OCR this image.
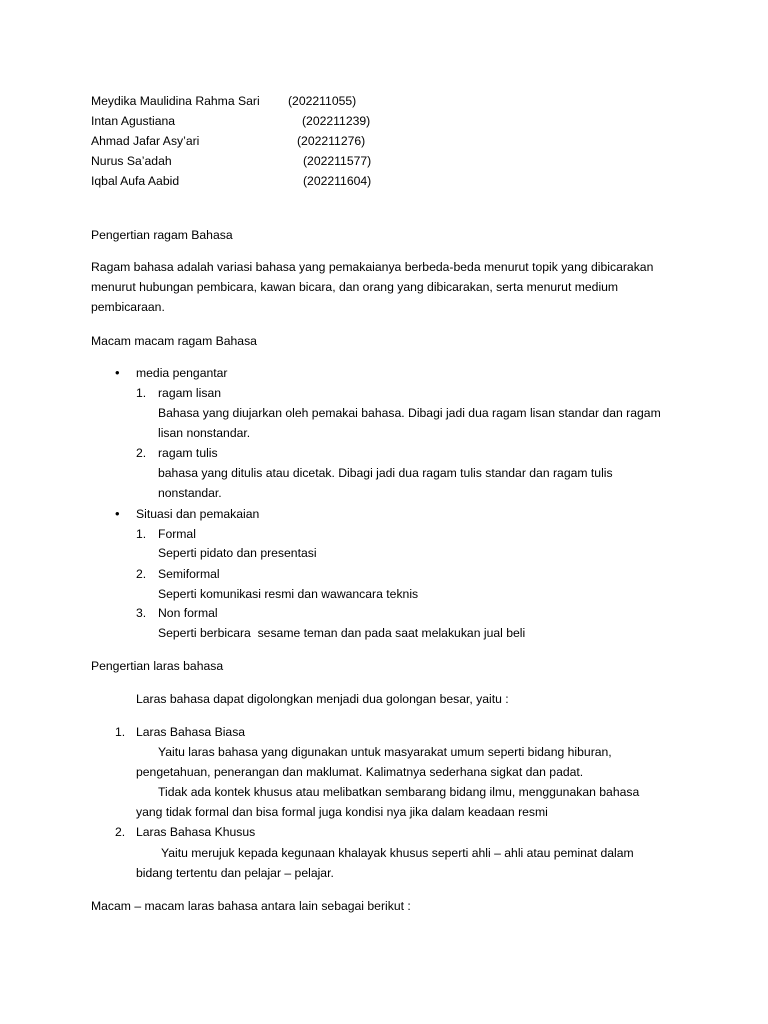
Meydika Maulidina Rahma Sari (202211055)
Intan Agustiana	(202211239)
Ahmad Jafar Asy’ari	(202211276)
Nurus Sa’adah	(202211577)
Iqbal Aufa Aabid	(202211604)
Pengertian ragam Bahasa
Ragam bahasa adalah variasi bahasa yang pemakaianya berbeda-beda menurut topik yang dibicarakan
menurut hubungan pembicara, kawan bicara, dan orang yang dibicarakan, serta menurut medium
pembicaraan.
Macam macam ragam Bahasa
• media pengantar
1. ragam lisan
Bahasa yang diujarkan oleh pemakai bahasa. Dibagi jadi dua ragam lisan standar dan ragam
lisan nonstandar.
2. ragam tulis
bahasa yang ditulis atau dicetak. Dibagi jadi dua ragam tulis standar dan ragam tulis
nonstandar.
• Situasi dan pemakaian
1. Formal
Seperti pidato dan presentasi
2. Semiformal
Seperti komunikasi resmi dan wawancara teknis
3. Non formal
Seperti berbicara  sesame teman dan pada saat melakukan jual beli
Pengertian laras bahasa
Laras bahasa dapat digolongkan menjadi dua golongan besar, yaitu :
1. Laras Bahasa Biasa
Yaitu laras bahasa yang digunakan untuk masyarakat umum seperti bidang hiburan,
pengetahuan, penerangan dan maklumat. Kalimatnya sederhana sigkat dan padat.
Tidak ada kontek khusus atau melibatkan sembarang bidang ilmu, menggunakan bahasa
yang tidak formal dan bisa formal juga kondisi nya jika dalam keadaan resmi
2. Laras Bahasa Khusus
Yaitu merujuk kepada kegunaan khalayak khusus seperti ahli – ahli atau peminat dalam
bidang tertentu dan pelajar – pelajar.
Macam – macam laras bahasa antara lain sebagai berikut :
